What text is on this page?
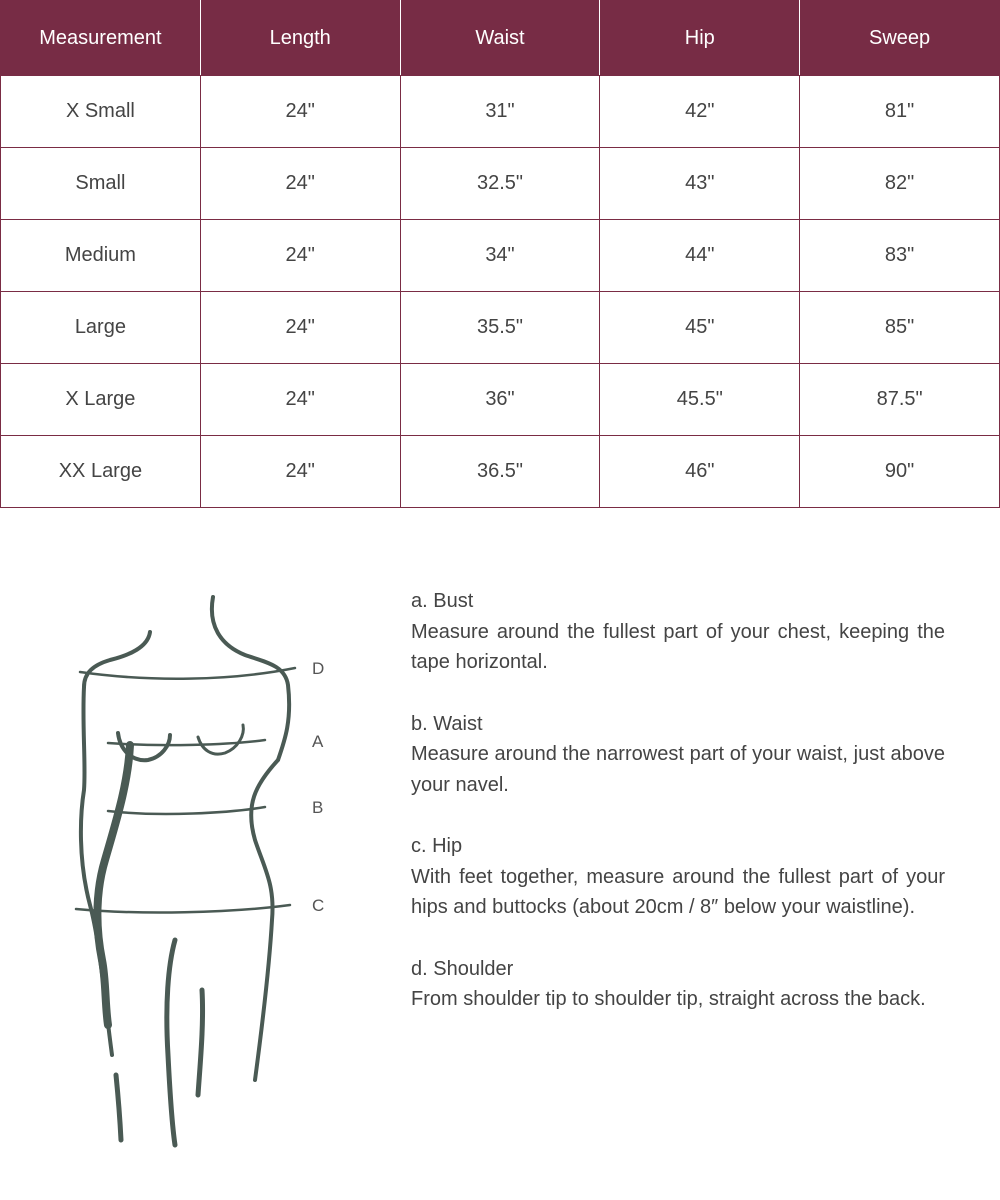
Measurement	Length	Waist	Hip	Sweep
X Small	24"	31"	42"	81"
Small	24"	32.5"	43"	82"
Medium	24"	34"	44"	83"
Large	24"	35.5"	45"	85"
X Large	24"	36"	45.5"	87.5"
XX Large	24"	36.5"	46"	90"
D
A
B
C
a. Bust
Measure around the fullest part of your chest, keeping the tape horizontal.
b. Waist
Measure around the narrowest part of your waist, just above your navel.
c. Hip
With feet together, measure around the fullest part of your hips and buttocks (about 20cm / 8″ below your waistline).
d. Shoulder
From shoulder tip to shoulder tip, straight across the back.
